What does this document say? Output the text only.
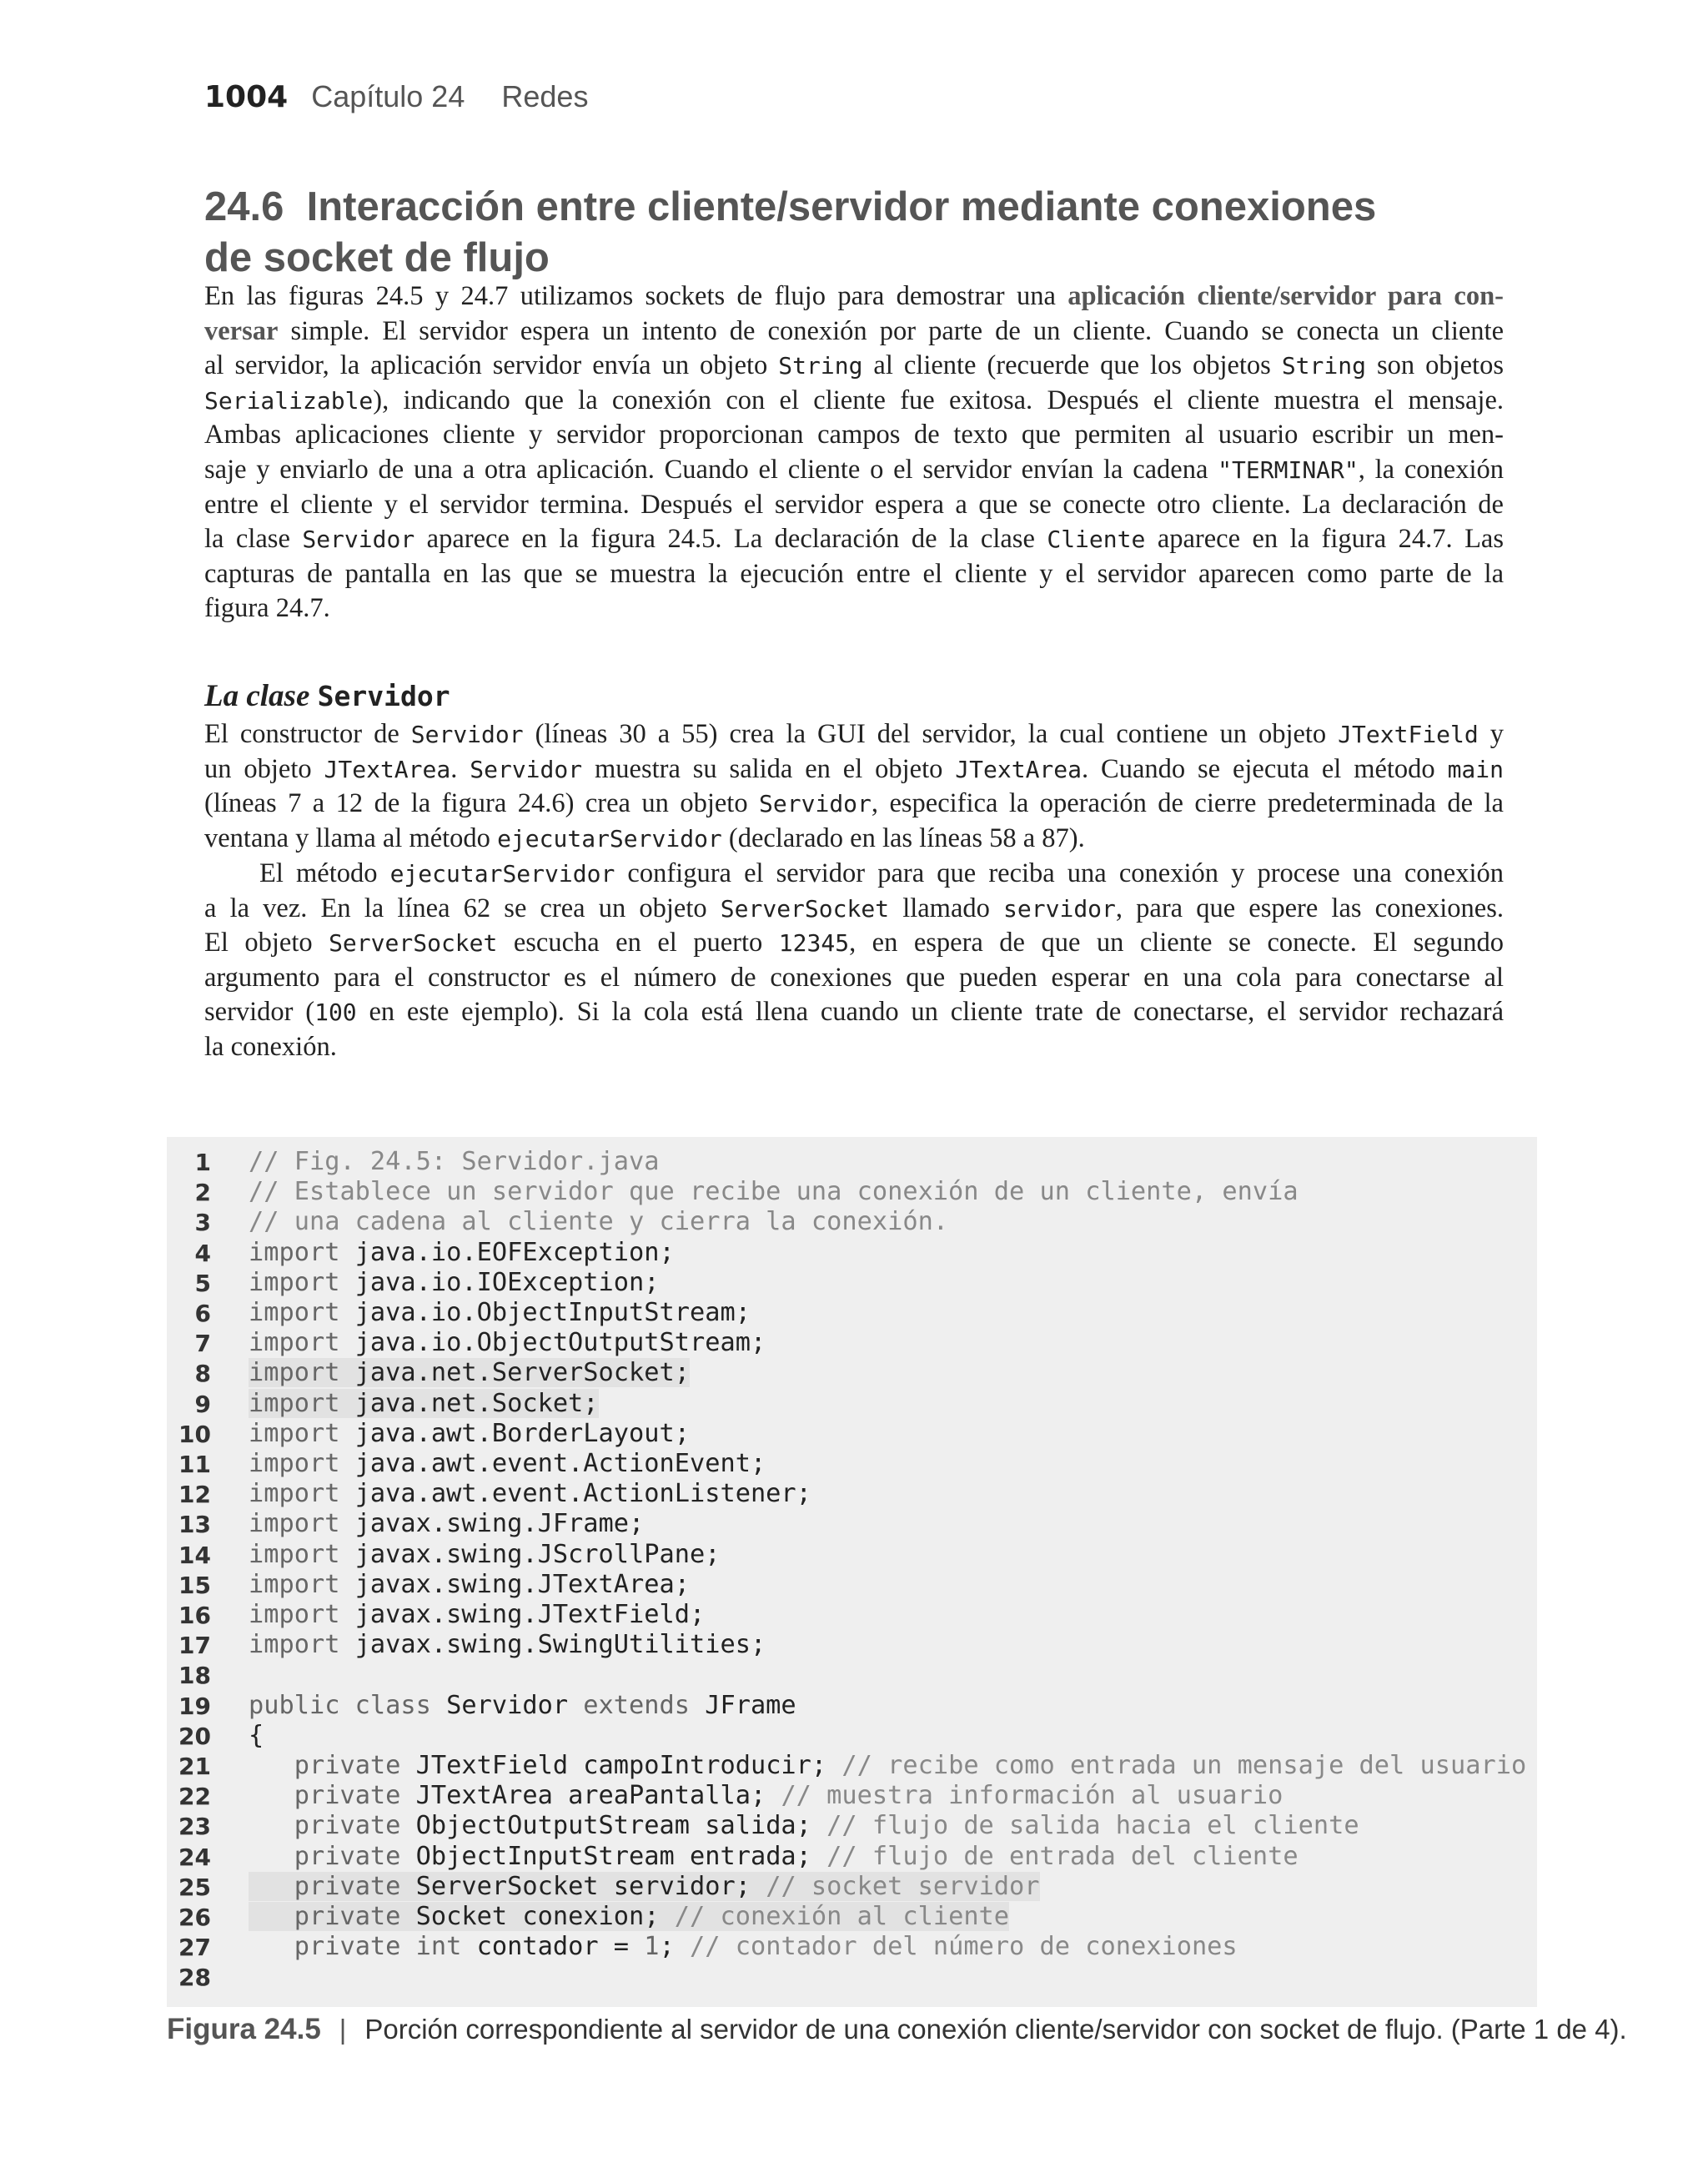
1004 Capítulo 24 Redes
24.6  Interacción entre cliente/servidor mediante conexiones
de socket de flujo
En las figuras 24.5 y 24.7 utilizamos sockets de flujo para demostrar una aplicación cliente/servidor para con-
versar simple. El servidor espera un intento de conexión por parte de un cliente. Cuando se conecta un cliente
al servidor, la aplicación servidor envía un objeto String al cliente (recuerde que los objetos String son objetos
Serializable), indicando que la conexión con el cliente fue exitosa. Después el cliente muestra el mensaje.
Ambas aplicaciones cliente y servidor proporcionan campos de texto que permiten al usuario escribir un men-
saje y enviarlo de una a otra aplicación. Cuando el cliente o el servidor envían la cadena "TERMINAR", la conexión
entre el cliente y el servidor termina. Después el servidor espera a que se conecte otro cliente. La declaración de
la clase Servidor aparece en la figura 24.5. La declaración de la clase Cliente aparece en la figura 24.7. Las
capturas de pantalla en las que se muestra la ejecución entre el cliente y el servidor aparecen como parte de la
figura 24.7.
La clase Servidor
El constructor de Servidor (líneas 30 a 55) crea la GUI del servidor, la cual contiene un objeto JTextField y
un objeto JTextArea. Servidor muestra su salida en el objeto JTextArea. Cuando se ejecuta el método main
(líneas 7 a 12 de la figura 24.6) crea un objeto Servidor, especifica la operación de cierre predeterminada de la
ventana y llama al método ejecutarServidor (declarado en las líneas 58 a 87).
El método ejecutarServidor configura el servidor para que reciba una conexión y procese una conexión
a la vez. En la línea 62 se crea un objeto ServerSocket llamado servidor, para que espere las conexiones.
El objeto ServerSocket escucha en el puerto 12345, en espera de que un cliente se conecte. El segundo
argumento para el constructor es el número de conexiones que pueden esperar en una cola para conectarse al
servidor (100 en este ejemplo). Si la cola está llena cuando un cliente trate de conectarse, el servidor rechazará
la conexión.
1 // Fig. 24.5: Servidor.java
2 // Establece un servidor que recibe una conexión de un cliente, envía
3 // una cadena al cliente y cierra la conexión.
4 import java.io.EOFException;
5 import java.io.IOException;
6 import java.io.ObjectInputStream;
7 import java.io.ObjectOutputStream;
8 import java.net.ServerSocket;
9 import java.net.Socket;
10 import java.awt.BorderLayout;
11 import java.awt.event.ActionEvent;
12 import java.awt.event.ActionListener;
13 import javax.swing.JFrame;
14 import javax.swing.JScrollPane;
15 import javax.swing.JTextArea;
16 import javax.swing.JTextField;
17 import javax.swing.SwingUtilities;
18
19 public class Servidor extends JFrame
20 {
21	private JTextField campoIntroducir; // recibe como entrada un mensaje del usuario
22	private JTextArea areaPantalla; // muestra información al usuario
23	private ObjectOutputStream salida; // flujo de salida hacia el cliente
24	private ObjectInputStream entrada; // flujo de entrada del cliente
25	private ServerSocket servidor; // socket servidor
26	private Socket conexion; // conexión al cliente
27	private int contador = 1; // contador del número de conexiones
28
Figura 24.5 | Porción correspondiente al servidor de una conexión cliente/servidor con socket de flujo. (Parte 1 de 4).
